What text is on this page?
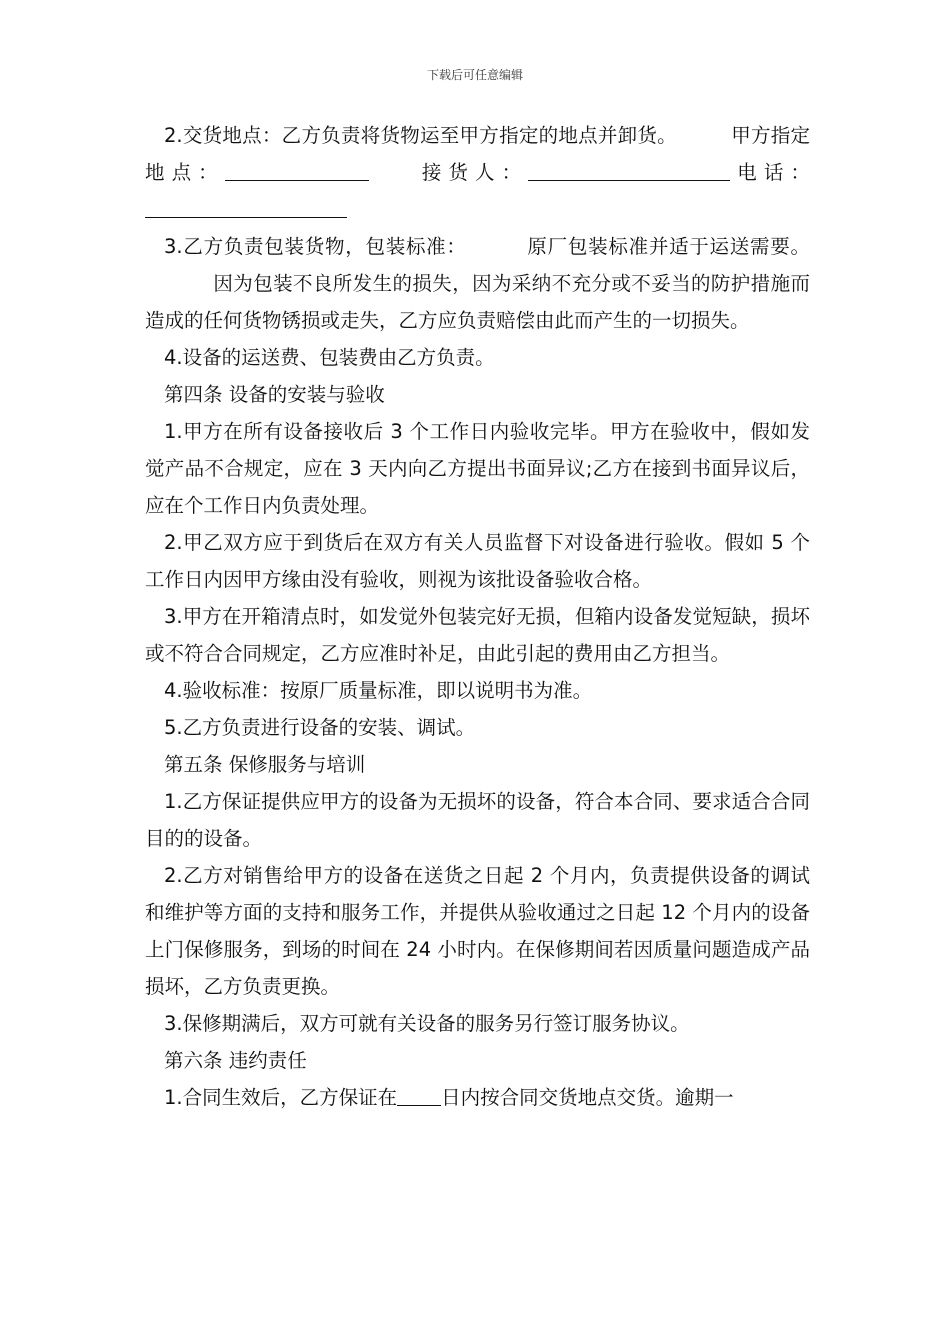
下载后可任意编辑

2.交货地点：乙方负责将货物运至甲方指定的地点并卸货。	甲方指定地点：	接货人：	电话：

3.乙方负责包装货物，包装标准：	原厂包装标准并适于运送需要。因为包装不良所发生的损失，因为采纳不充分或不妥当的防护措施而造成的任何货物锈损或走失，乙方应负责赔偿由此而产生的一切损失。

4.设备的运送费、包装费由乙方负责。

第四条 设备的安装与验收

1.甲方在所有设备接收后 3 个工作日内验收完毕。甲方在验收中，假如发觉产品不合规定，应在 3 天内向乙方提出书面异议;乙方在接到书面异议后，应在个工作日内负责处理。

2.甲乙双方应于到货后在双方有关人员监督下对设备进行验收。假如 5 个工作日内因甲方缘由没有验收，则视为该批设备验收合格。

3.甲方在开箱清点时，如发觉外包装完好无损，但箱内设备发觉短缺，损坏或不符合合同规定，乙方应准时补足，由此引起的费用由乙方担当。

4.验收标准：按原厂质量标准，即以说明书为准。

5.乙方负责进行设备的安装、调试。

第五条 保修服务与培训

1.乙方保证提供应甲方的设备为无损坏的设备，符合本合同、要求适合合同目的的设备。

2.乙方对销售给甲方的设备在送货之日起 2 个月内，负责提供设备的调试和维护等方面的支持和服务工作，并提供从验收通过之日起 12 个月内的设备上门保修服务，到场的时间在 24 小时内。在保修期间若因质量问题造成产品损坏，乙方负责更换。

3.保修期满后，双方可就有关设备的服务另行签订服务协议。

第六条 违约责任

1.合同生效后，乙方保证在 日内按合同交货地点交货。逾期一
